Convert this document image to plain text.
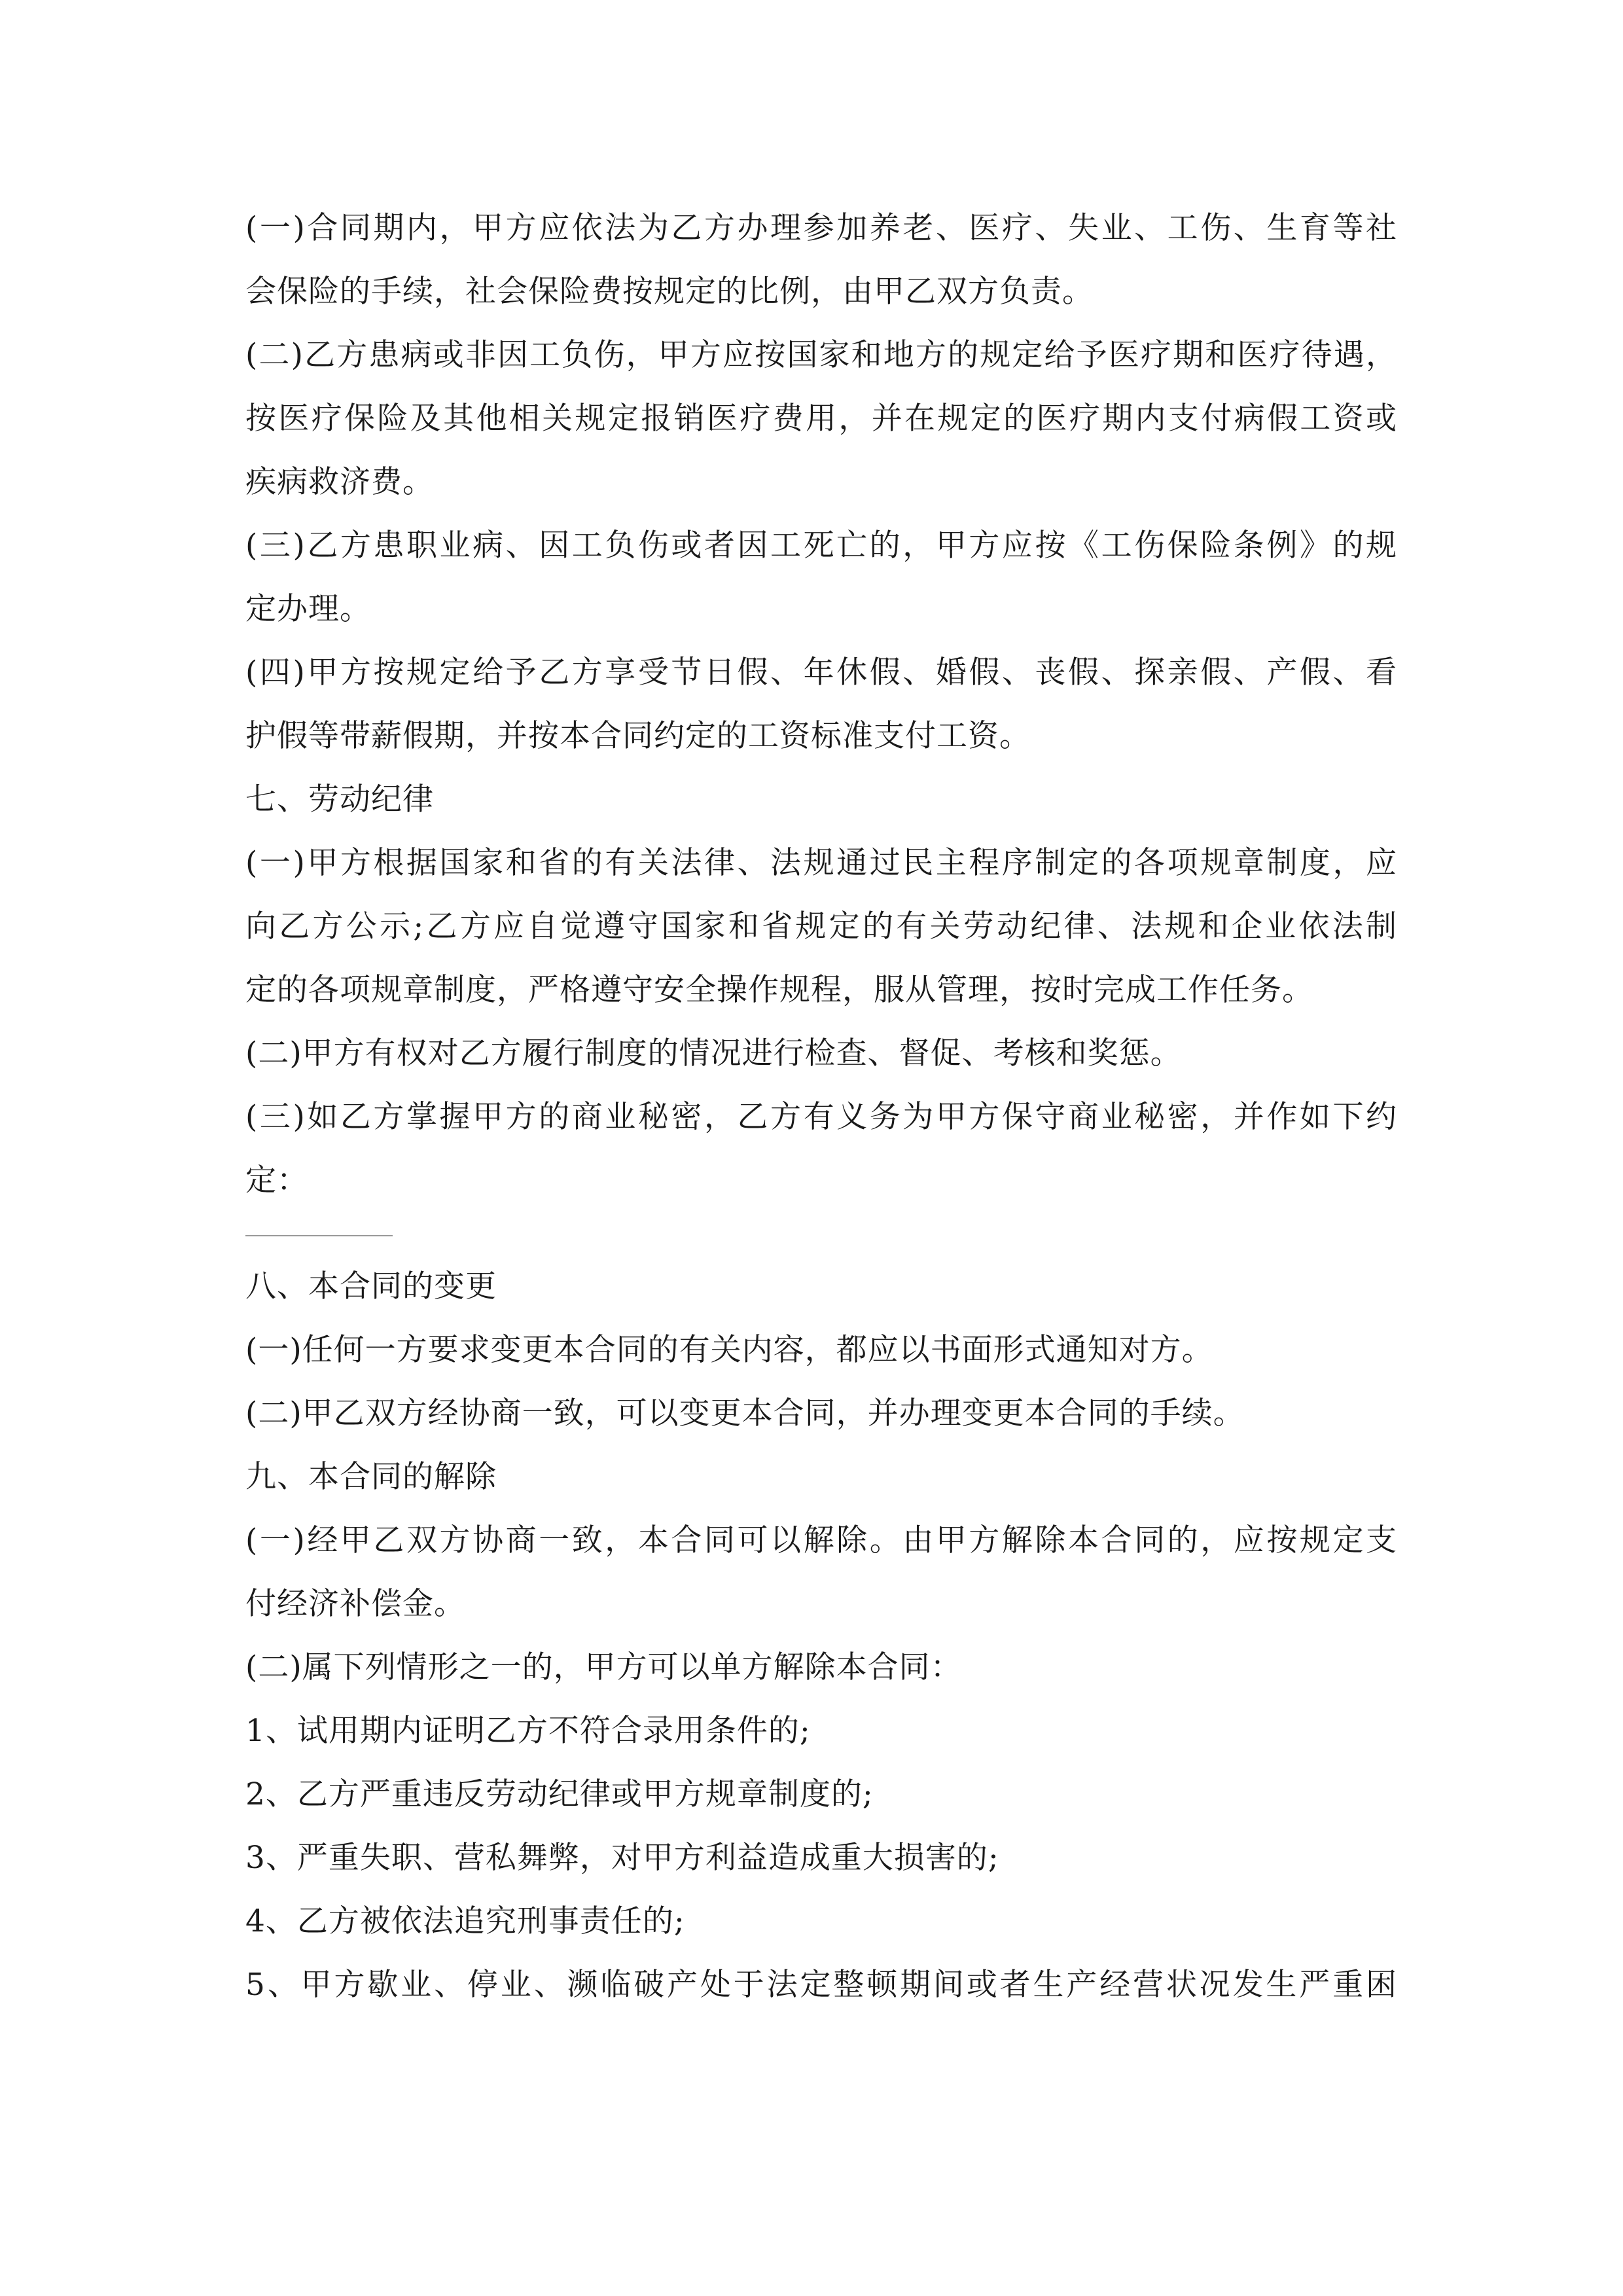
(一)合同期内，甲方应依法为乙方办理参加养老、医疗、失业、工伤、生育等社
会保险的手续，社会保险费按规定的比例，由甲乙双方负责。
(二)乙方患病或非因工负伤，甲方应按国家和地方的规定给予医疗期和医疗待遇，
按医疗保险及其他相关规定报销医疗费用，并在规定的医疗期内支付病假工资或
疾病救济费。
(三)乙方患职业病、因工负伤或者因工死亡的，甲方应按《工伤保险条例》的规
定办理。
(四)甲方按规定给予乙方享受节日假、年休假、婚假、丧假、探亲假、产假、看
护假等带薪假期，并按本合同约定的工资标准支付工资。
七、劳动纪律
(一)甲方根据国家和省的有关法律、法规通过民主程序制定的各项规章制度，应
向乙方公示;乙方应自觉遵守国家和省规定的有关劳动纪律、法规和企业依法制
定的各项规章制度，严格遵守安全操作规程，服从管理，按时完成工作任务。
(二)甲方有权对乙方履行制度的情况进行检查、督促、考核和奖惩。
(三)如乙方掌握甲方的商业秘密，乙方有义务为甲方保守商业秘密，并作如下约
定：
八、本合同的变更
(一)任何一方要求变更本合同的有关内容，都应以书面形式通知对方。
(二)甲乙双方经协商一致，可以变更本合同，并办理变更本合同的手续。
九、本合同的解除
(一)经甲乙双方协商一致，本合同可以解除。由甲方解除本合同的，应按规定支
付经济补偿金。
(二)属下列情形之一的，甲方可以单方解除本合同：
1、试用期内证明乙方不符合录用条件的;
2、乙方严重违反劳动纪律或甲方规章制度的;
3、严重失职、营私舞弊，对甲方利益造成重大损害的;
4、乙方被依法追究刑事责任的;
5、甲方歇业、停业、濒临破产处于法定整顿期间或者生产经营状况发生严重困
